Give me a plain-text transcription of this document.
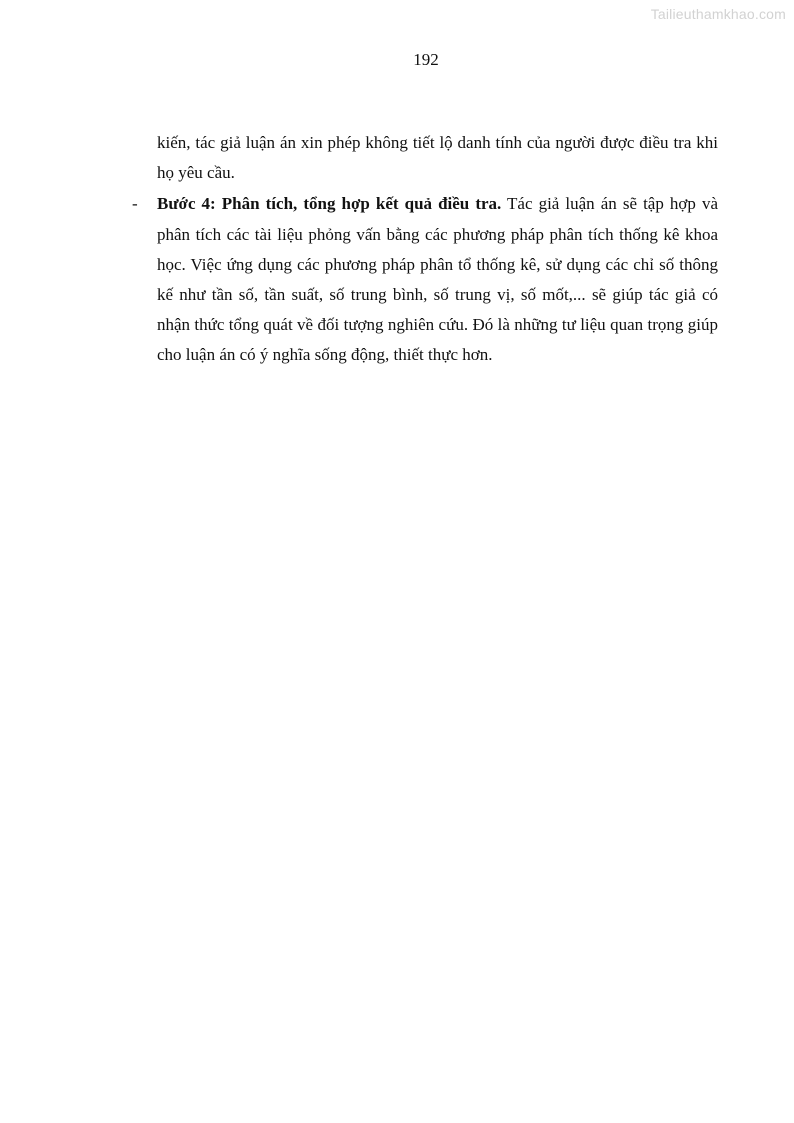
Tailieuthamkhao.com
192

kiến, tác giả luận án xin phép không tiết lộ danh tính của người được điều tra khi họ yêu cầu.

- Bước 4: Phân tích, tổng hợp kết quả điều tra. Tác giả luận án sẽ tập hợp và phân tích các tài liệu phỏng vấn bằng các phương pháp phân tích thống kê khoa học. Việc ứng dụng các phương pháp phân tổ thống kê, sử dụng các chỉ số thông kế như tần số, tần suất, số trung bình, số trung vị, số mốt,... sẽ giúp tác giả có nhận thức tổng quát về đối tượng nghiên cứu. Đó là những tư liệu quan trọng giúp cho luận án có ý nghĩa sống động, thiết thực hơn.
